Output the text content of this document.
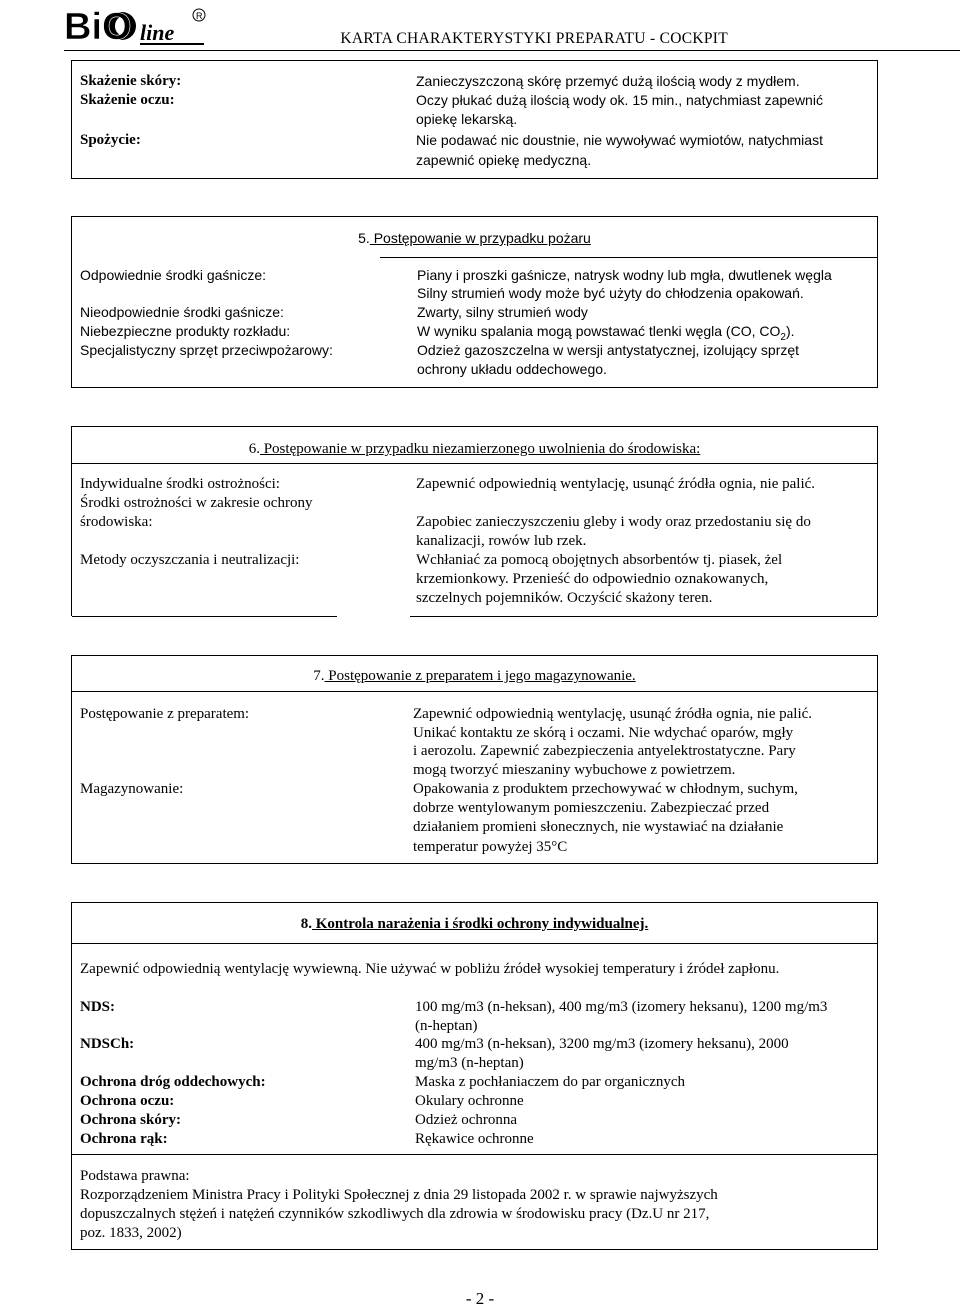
BiO line
R
KARTA CHARAKTERYSTYKI PREPARATU - COCKPIT
Skażenie skóry:
Skażenie oczu:
Spożycie:
Zanieczyszczoną skórę przemyć dużą ilością wody z mydłem.
Oczy płukać dużą ilością wody ok. 15 min., natychmiast zapewnić
opiekę lekarską.
Nie podawać nic doustnie, nie wywoływać wymiotów, natychmiast
zapewnić opiekę medyczną.
5. Postępowanie w przypadku pożaru
Odpowiednie środki gaśnicze:
Nieodpowiednie środki gaśnicze:
Niebezpieczne produkty rozkładu:
Specjalistyczny sprzęt przeciwpożarowy:
Piany i proszki gaśnicze, natrysk wodny lub mgła, dwutlenek węgla
Silny strumień wody może być użyty do chłodzenia opakowań.
Zwarty, silny strumień wody
W wyniku spalania mogą powstawać tlenki węgla (CO, $CO_2$).
Odzież gazoszczelna w wersji antystatycznej, izolujący sprzęt
ochrony układu oddechowego.
6. Postępowanie w przypadku niezamierzonego uwolnienia do środowiska:
Indywidualne środki ostrożności:
Środki ostrożności w zakresie ochrony
środowiska:
Metody oczyszczania i neutralizacji:
Zapewnić odpowiednią wentylację, usunąć źródła ognia, nie palić.
Zapobiec zanieczyszczeniu gleby i wody oraz przedostaniu się do
kanalizacji, rowów lub rzek.
Wchłaniać za pomocą obojętnych absorbentów tj. piasek, żel
krzemionkowy. Przenieść do odpowiednio oznakowanych,
szczelnych pojemników. Oczyścić skażony teren.
7. Postępowanie z preparatem i jego magazynowanie.
Postępowanie z preparatem:
Magazynowanie:
Zapewnić odpowiednią wentylację, usunąć źródła ognia, nie palić.
Unikać kontaktu ze skórą i oczami. Nie wdychać oparów, mgły
i aerozolu. Zapewnić zabezpieczenia antyelektrostatyczne. Pary
mogą tworzyć mieszaniny wybuchowe z powietrzem.
Opakowania z produktem przechowywać w chłodnym, suchym,
dobrze wentylowanym pomieszczeniu. Zabezpieczać przed
działaniem promieni słonecznych, nie wystawiać na działanie
temperatur powyżej 35°C
8. Kontrola narażenia i środki ochrony indywidualnej.
Zapewnić odpowiednią wentylację wywiewną. Nie używać w pobliżu źródeł wysokiej temperatury i źródeł zapłonu.
NDS:
NDSCh:
Ochrona dróg oddechowych:
Ochrona oczu:
Ochrona skóry:
Ochrona rąk:
100 mg/m3 (n-heksan), 400 mg/m3 (izomery heksanu), 1200 mg/m3
(n-heptan)
400 mg/m3 (n-heksan), 3200 mg/m3 (izomery heksanu), 2000
mg/m3 (n-heptan)
Maska z pochłaniaczem do par organicznych
Okulary ochronne
Odzież ochronna
Rękawice ochronne
Podstawa prawna:
Rozporządzeniem Ministra Pracy i Polityki Społecznej z dnia 29 listopada 2002 r. w sprawie najwyższych
dopuszczalnych stężeń i natężeń czynników szkodliwych dla zdrowia w środowisku pracy (Dz.U nr 217,
poz. 1833, 2002)
- 2 -
